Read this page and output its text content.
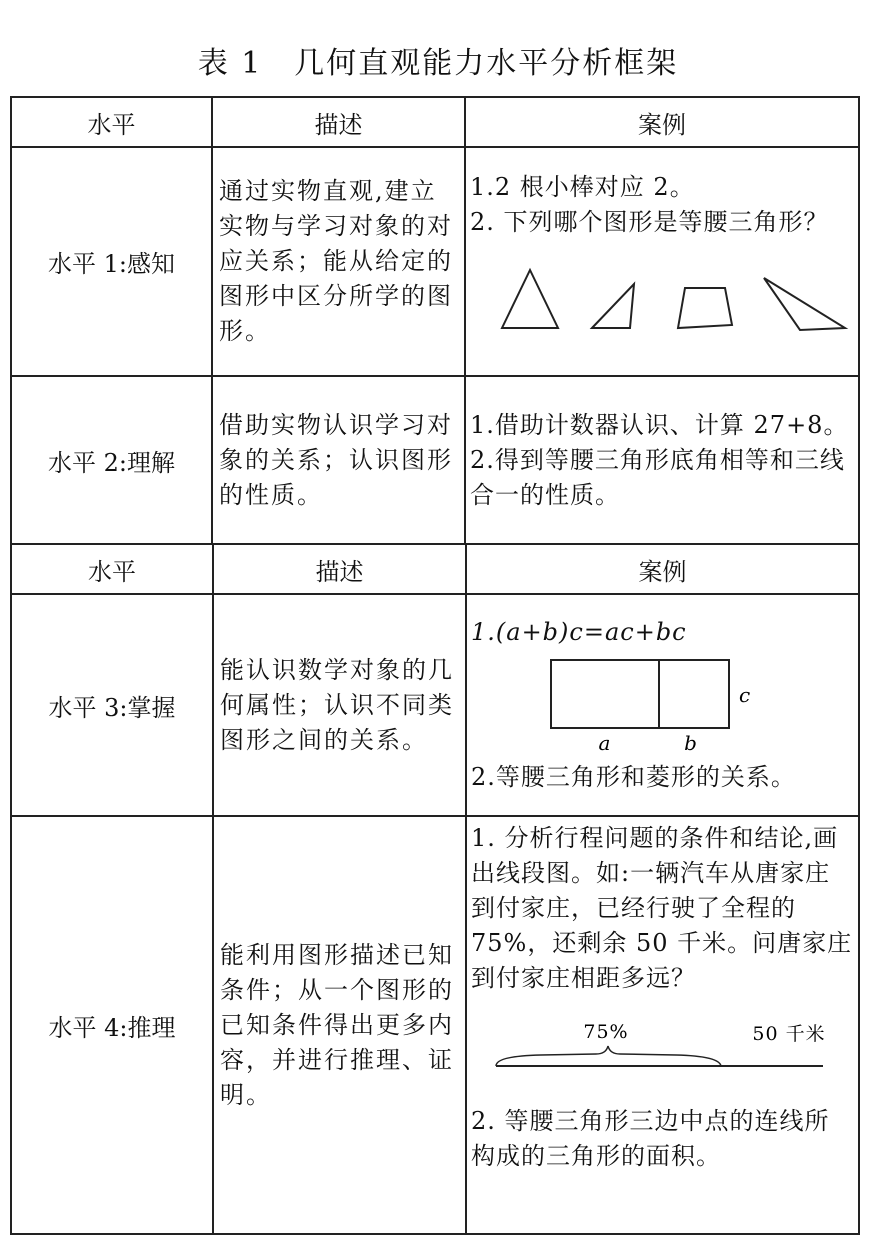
表 1　几何直观能力水平分析框架
水平	描述	案例
水平 1:感知	通过实物直观,建立实物与学习对象的对应关系；能从给定的图形中区分所学的图形。	1.2 根小棒对应 2。
2. 下列哪个图形是等腰三角形？

水平 2:理解	借助实物认识学习对象的关系；认识图形的性质。	1.借助计数器认识、计算 27+8。
2.得到等腰三角形底角相等和三线合一的性质。
水平	描述	案例
水平 3:掌握	能认识数学对象的几何属性；认识不同类图形之间的关系。	1.(a+b)c=ac+bc
a b
c
2.等腰三角形和菱形的关系。

水平 4:推理	能利用图形描述已知条件；从一个图形的已知条件得出更多内容，并进行推理、证明。	1. 分析行程问题的条件和结论,画出线段图。如:一辆汽车从唐家庄到付家庄，已经行驶了全程的 75%，还剩余 50 千米。问唐家庄到付家庄相距多远？
75% 50 千米
2. 等腰三角形三边中点的连线所构成的三角形的面积。
